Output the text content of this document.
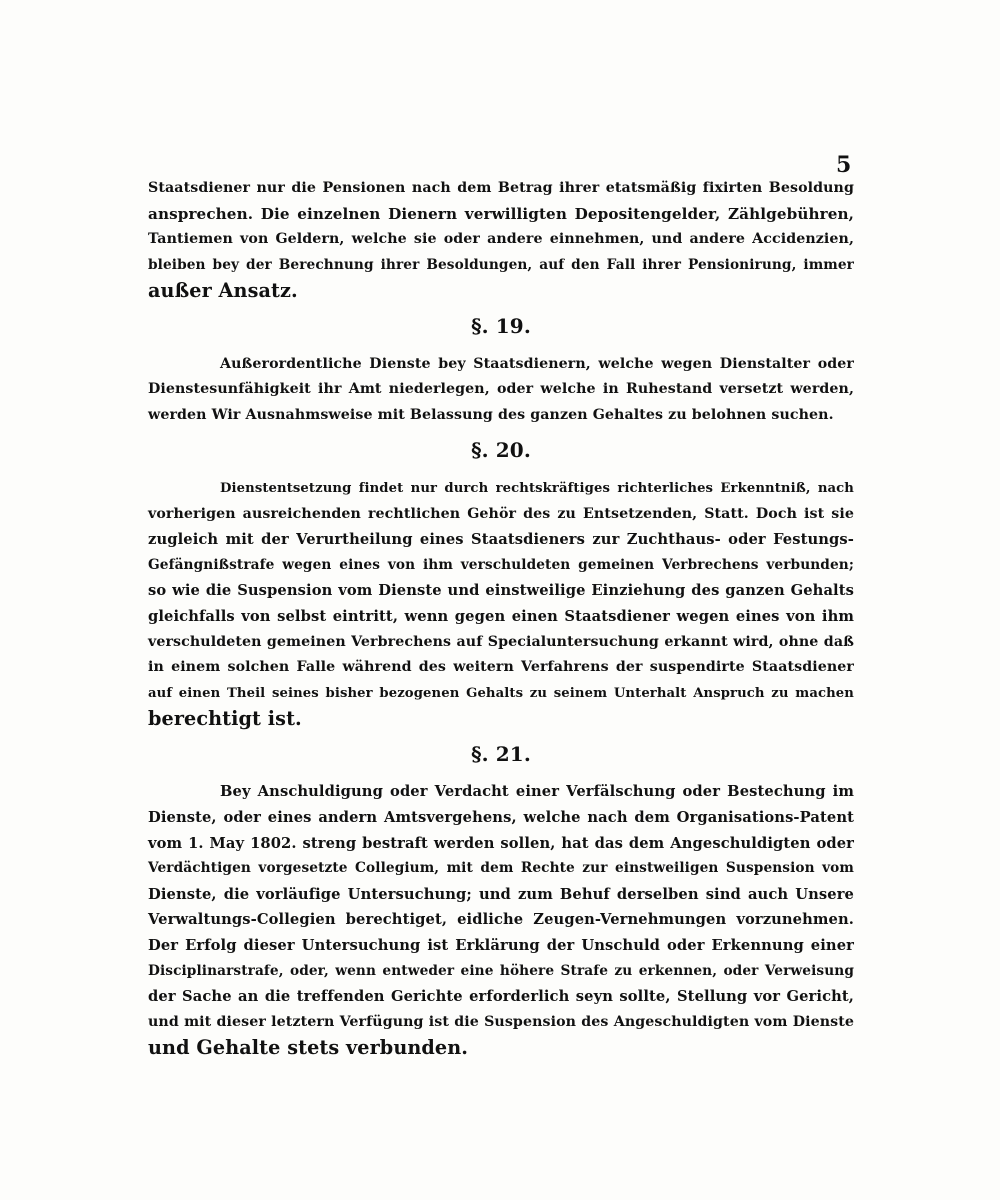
5
Staatsdiener nur die Pensionen nach dem Betrag ihrer etatsmäßig fixirten Besoldung
ansprechen. Die einzelnen Dienern verwilligten Depositengelder, Zählgebühren,
Tantiemen von Geldern, welche sie oder andere einnehmen, und andere Accidenzien,
bleiben bey der Berechnung ihrer Besoldungen, auf den Fall ihrer Pensionirung, immer
außer Ansatz.
§. 19.
Außerordentliche Dienste bey Staatsdienern, welche wegen Dienstalter oder
Dienstesunfähigkeit ihr Amt niederlegen, oder welche in Ruhestand versetzt werden,
werden Wir Ausnahmsweise mit Belassung des ganzen Gehaltes zu belohnen suchen.
§. 20.
Dienstentsetzung findet nur durch rechtskräftiges richterliches Erkenntniß, nach
vorherigen ausreichenden rechtlichen Gehör des zu Entsetzenden, Statt. Doch ist sie
zugleich mit der Verurtheilung eines Staatsdieners zur Zuchthaus- oder Festungs-
Gefängnißstrafe wegen eines von ihm verschuldeten gemeinen Verbrechens verbunden;
so wie die Suspension vom Dienste und einstweilige Einziehung des ganzen Gehalts
gleichfalls von selbst eintritt, wenn gegen einen Staatsdiener wegen eines von ihm
verschuldeten gemeinen Verbrechens auf Specialuntersuchung erkannt wird, ohne daß
in einem solchen Falle während des weitern Verfahrens der suspendirte Staatsdiener
auf einen Theil seines bisher bezogenen Gehalts zu seinem Unterhalt Anspruch zu machen
berechtigt ist.
§. 21.
Bey Anschuldigung oder Verdacht einer Verfälschung oder Bestechung im
Dienste, oder eines andern Amtsvergehens, welche nach dem Organisations-Patent
vom 1. May 1802. streng bestraft werden sollen, hat das dem Angeschuldigten oder
Verdächtigen vorgesetzte Collegium, mit dem Rechte zur einstweiligen Suspension vom
Dienste, die vorläufige Untersuchung; und zum Behuf derselben sind auch Unsere
Verwaltungs-Collegien berechtiget, eidliche Zeugen-Vernehmungen vorzunehmen.
Der Erfolg dieser Untersuchung ist Erklärung der Unschuld oder Erkennung einer
Disciplinarstrafe, oder, wenn entweder eine höhere Strafe zu erkennen, oder Verweisung
der Sache an die treffenden Gerichte erforderlich seyn sollte, Stellung vor Gericht,
und mit dieser letztern Verfügung ist die Suspension des Angeschuldigten vom Dienste
und Gehalte stets verbunden.
